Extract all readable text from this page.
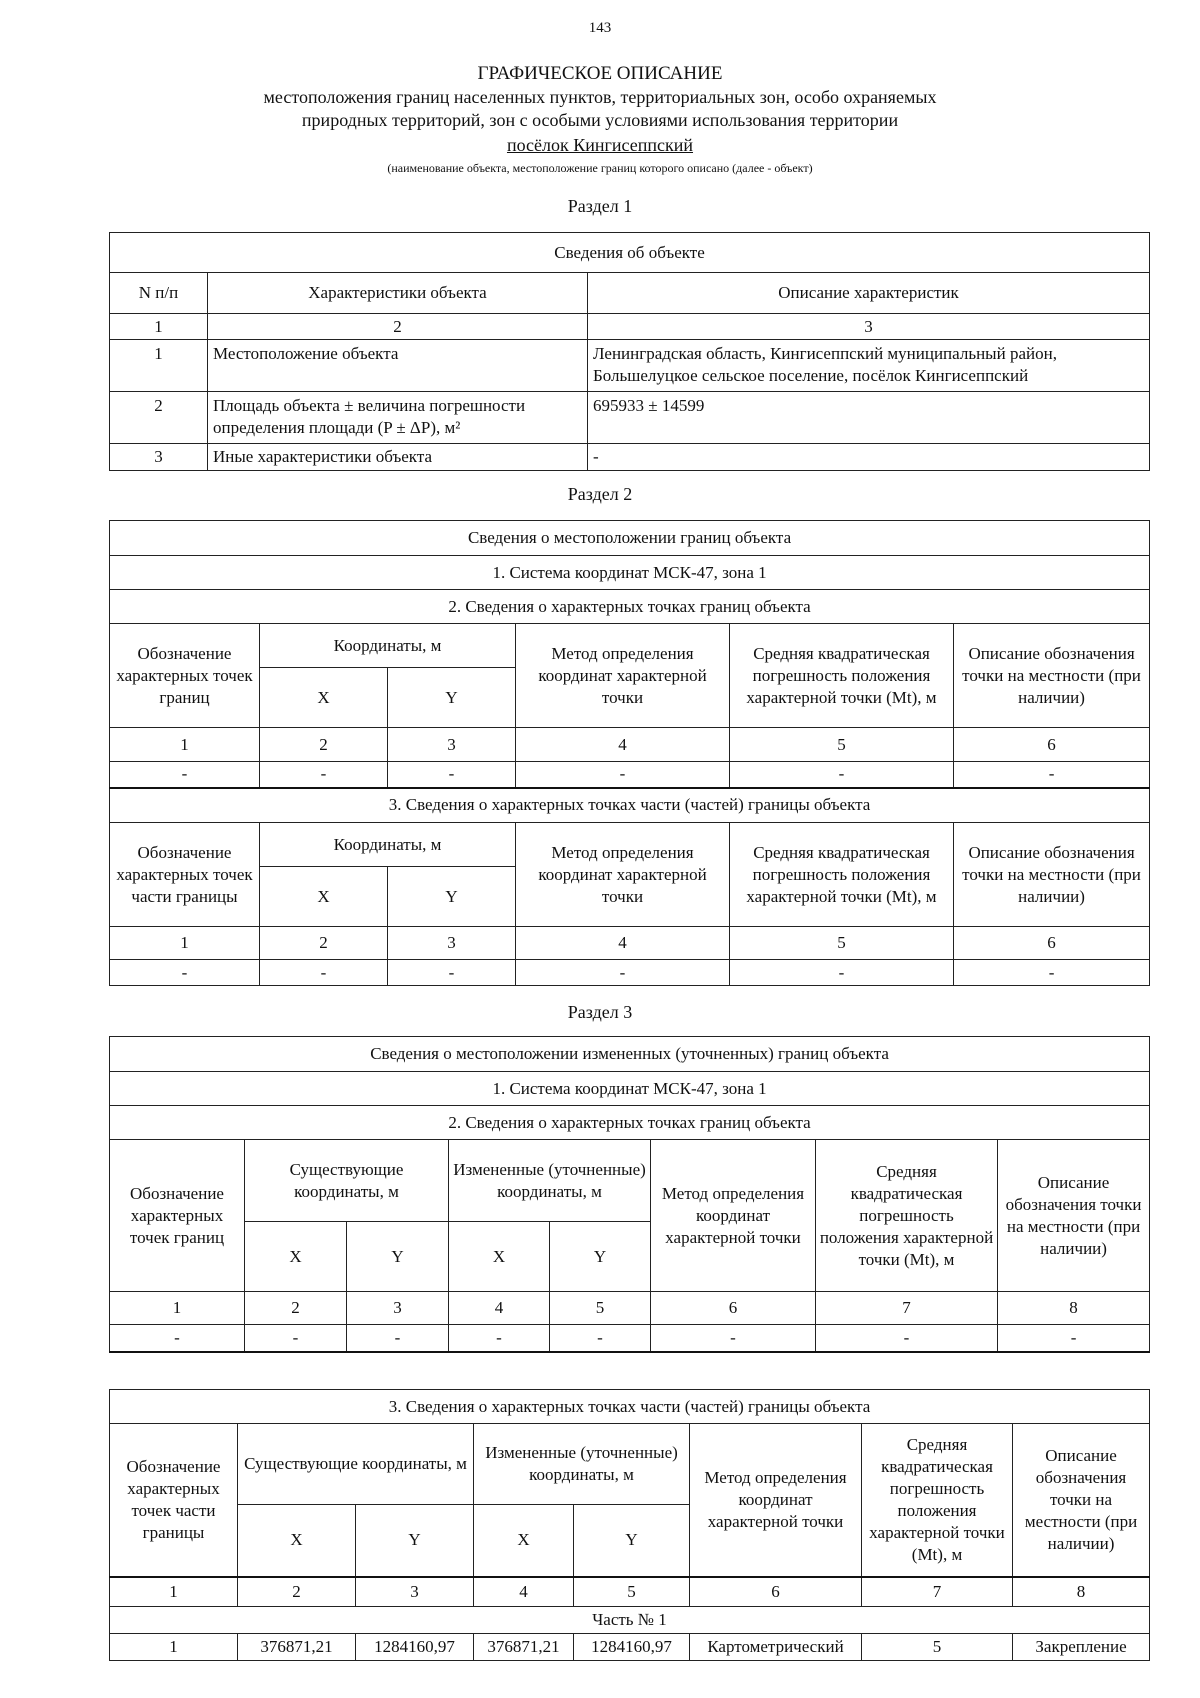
143
ГРАФИЧЕСКОЕ ОПИСАНИЕ
местоположения границ населенных пунктов, территориальных зон, особо охраняемых
природных территорий, зон с особыми условиями использования территории
посёлок Кингисеппский
(наименование объекта, местоположение границ которого описано (далее - объект)
Раздел 1
Сведения об объекте		
N п/п	Характеристики объекта	Описание характеристик
1	2	3
1	Местоположение объекта	Ленинградская область, Кингисеппский муниципальный район, Большелуцкое сельское поселение, посёлок Кингисеппский
2	Площадь объекта ± величина погрешности определения площади (P ± ΔP), м²	695933 ± 14599
3	Иные характеристики объекта	-
Раздел 2
Сведения о местоположении границ объекта					
1. Система координат МСК-47, зона 1					
2. Сведения о характерных точках границ объекта					
Обозначение характерных точек границ	Координаты, м		Метод определения координат характерной точки	Средняя квадратическая погрешность положения характерной точки (Mt), м	Описание обозначения точки на местности (при наличии)
	X	Y			
1	2	3	4	5	6
-	-	-	-	-	-
3. Сведения о характерных точках части (частей) границы объекта					
Обозначение характерных точек части границы	Координаты, м		Метод определения координат характерной точки	Средняя квадратическая погрешность положения характерной точки (Mt), м	Описание обозначения точки на местности (при наличии)
	X	Y			
1	2	3	4	5	6
-	-	-	-	-	-
Раздел 3
Сведения о местоположении измененных (уточненных) границ объекта							
1. Система координат МСК-47, зона 1							
2. Сведения о характерных точках границ объекта							
Обозначение характерных точек границ	Существующие координаты, м		Измененные (уточненные) координаты, м		Метод определения координат характерной точки	Средняя квадратическая погрешность положения характерной точки (Mt), м	Описание обозначения точки на местности (при наличии)
	X	Y	X	Y			
1	2	3	4	5	6	7	8
-	-	-	-	-	-	-	-
3. Сведения о характерных точках части (частей) границы объекта							
Обозначение характерных точек части границы	Существующие координаты, м		Измененные (уточненные) координаты, м		Метод определения координат характерной точки	Средняя квадратическая погрешность положения характерной точки (Mt), м	Описание обозначения точки на местности (при наличии)
	X	Y	X	Y			
1	2	3	4	5	6	7	8
Часть № 1							
1	376871,21	1284160,97	376871,21	1284160,97	Картометрический	5	Закрепление
